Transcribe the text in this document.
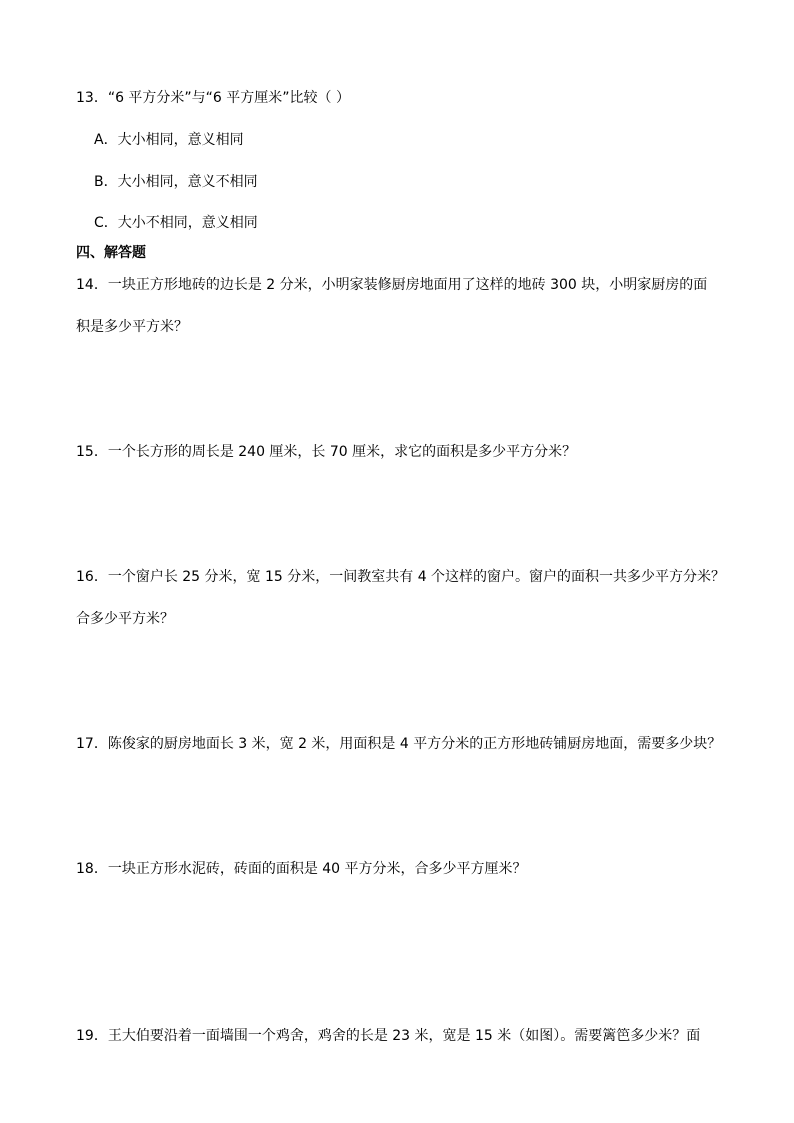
13．“6 平方分米”与“6 平方厘米”比较（ ）
A．大小相同，意义相同
B．大小相同，意义不相同
C．大小不相同，意义相同
四、解答题
14．一块正方形地砖的边长是 2 分米，小明家装修厨房地面用了这样的地砖 300 块，小明家厨房的面
积是多少平方米？
15．一个长方形的周长是 240 厘米，长 70 厘米，求它的面积是多少平方分米？
16．一个窗户长 25 分米，宽 15 分米，一间教室共有 4 个这样的窗户。窗户的面积一共多少平方分米？
合多少平方米？
17．陈俊家的厨房地面长 3 米，宽 2 米，用面积是 4 平方分米的正方形地砖铺厨房地面，需要多少块？
18．一块正方形水泥砖，砖面的面积是 40 平方分米，合多少平方厘米？
19．王大伯要沿着一面墙围一个鸡舍，鸡舍的长是 23 米，宽是 15 米（如图）。需要篱笆多少米？面
